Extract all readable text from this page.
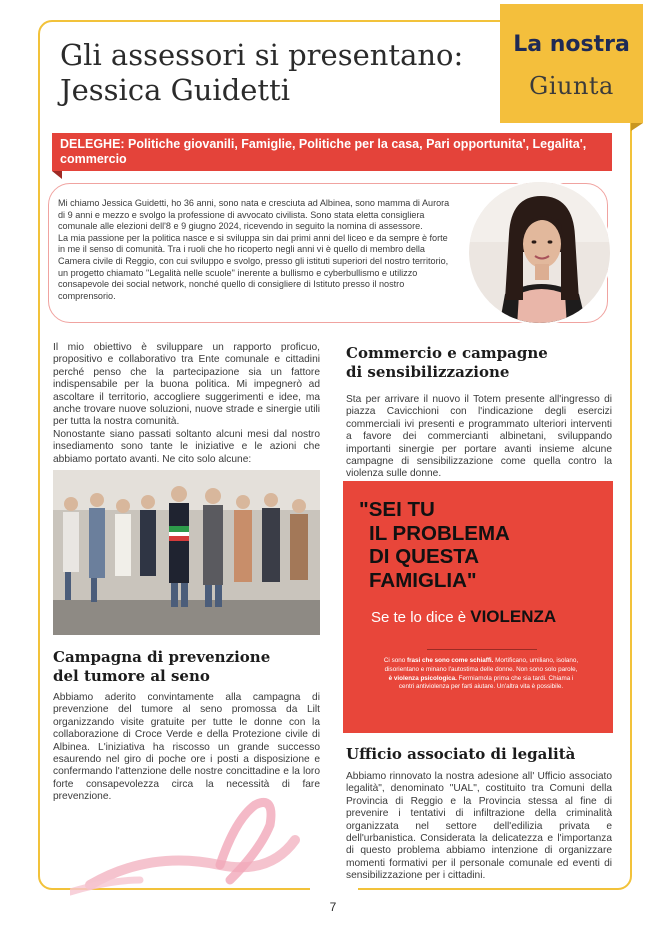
La nostra
Giunta
Gli assessori si presentano:
Jessica Guidetti
DELEGHE: Politiche giovanili, Famiglie, Politiche per la casa, Pari opportunita', Legalita', commercio

Mi chiamo Jessica Guidetti, ho 36 anni, sono nata e cresciuta ad Albinea, sono mamma di Aurora di 9 anni e mezzo e svolgo la professione di avvocato civilista. Sono stata eletta consigliera comunale alle elezioni dell'8 e 9 giugno 2024, ricevendo in seguito la nomina di assessore.

La mia passione per la politica nasce e si sviluppa sin dai primi anni del liceo e da sempre è forte in me il senso di comunità. Tra i ruoli che ho ricoperto negli anni vi è quello di membro della Camera civile di Reggio, con cui sviluppo e svolgo, presso gli istituti superiori del nostro territorio, un progetto chiamato "Legalità nelle scuole" inerente a bullismo e cyberbullismo e utilizzo consapevole dei social network, nonché quello di consigliere di Istituto presso il nostro comprensorio.

Il mio obiettivo è sviluppare un rapporto proficuo, propositivo e collaborativo tra Ente comunale e cittadini perché penso che la partecipazione sia un fattore indispensabile per la buona politica. Mi impegnerò ad ascoltare il territorio, accogliere suggerimenti e idee, ma anche trovare nuove soluzioni, nuove strade e sinergie utili per tutta la nostra comunità.

Nonostante siano passati soltanto alcuni mesi dal nostro insediamento sono tante le iniziative e le azioni che abbiamo portato avanti. Ne cito solo alcune:

Commercio e campagne
di sensibilizzazione

Sta per arrivare il nuovo il Totem presente all'ingresso di piazza Cavicchioni con l'indicazione degli esercizi commerciali ivi presenti e programmato ulteriori interventi a favore dei commercianti albinetani, sviluppando importanti sinergie per portare avanti insieme alcune campagne di sensibilizzazione come quella contro la violenza sulle donne.

"SEI TU
IL PROBLEMA
DI QUESTA
FAMIGLIA"
Se te lo dice è VIOLENZA
Ci sono frasi che sono come schiaffi. Mortificano, umiliano, isolano, disorientano e minano l'autostima delle donne. Non sono solo parole, è violenza psicologica. Fermiamola prima che sia tardi. Chiama i centri antiviolenza per farti aiutare. Un'altra vita è possibile.
Campagna di prevenzione
del tumore al seno

Abbiamo aderito convintamente alla campagna di prevenzione del tumore al seno promossa da Lilt organizzando visite gratuite per tutte le donne con la collaborazione di Croce Verde e della Protezione civile di Albinea. L'iniziativa ha riscosso un grande successo esaurendo nel giro di poche ore i posti a disposizione e confermando l'attenzione delle nostre concittadine e la loro forte consapevolezza circa la necessità di fare prevenzione.

Ufficio associato di legalità

Abbiamo rinnovato la nostra adesione all' Ufficio associato legalità", denominato "UAL", costituito tra Comuni della Provincia di Reggio e la Provincia stessa al fine di prevenire i tentativi di infiltrazione della criminalità organizzata nel settore dell'edilizia privata e dell'urbanistica. Considerata la delicatezza e l'importanza di questo problema abbiamo intenzione di organizzare momenti formativi per il personale comunale ed eventi di sensibilizzazione per i cittadini.

7
